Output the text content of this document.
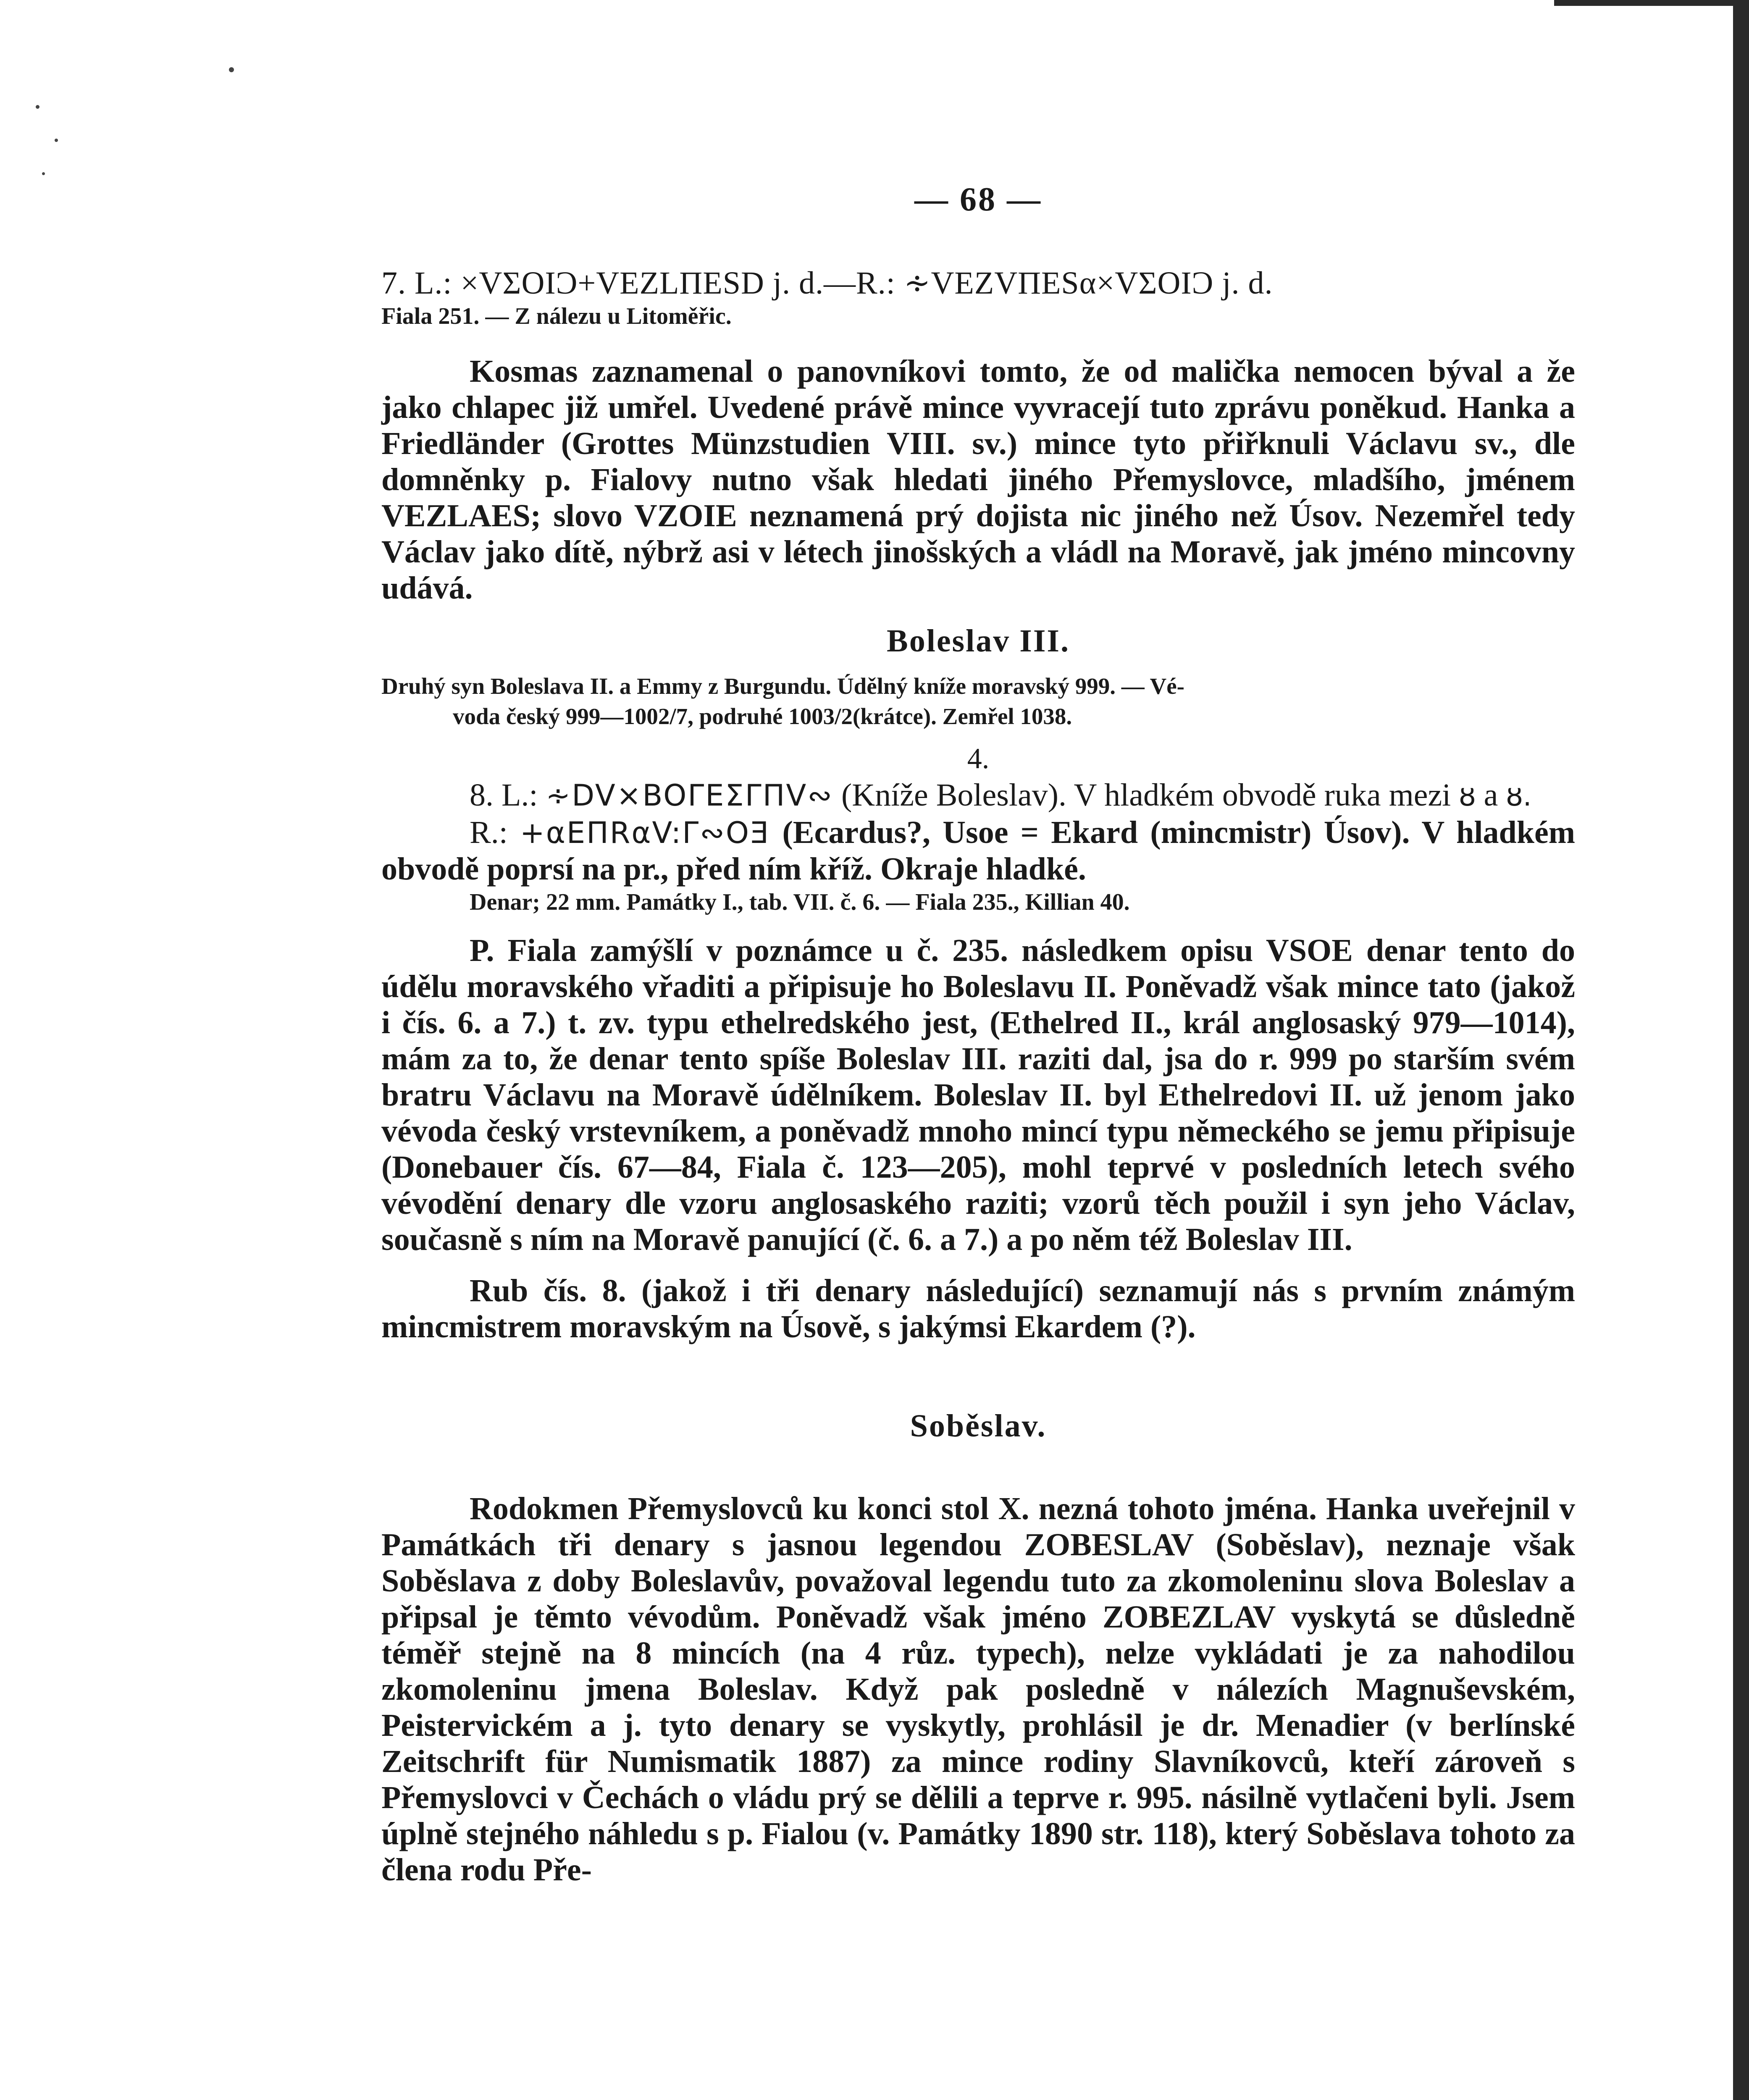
— 68 —

7. L.: ×VΣOIϽ+VEZLΠESD j. d.—R.: ∻VEZVΠESα×VΣOIϽ j. d.

Fiala 251. — Z nálezu u Litoměřic.

Kosmas zaznamenal o panovníkovi tomto, že od malička nemocen býval a že jako chlapec již umřel. Uvedené právě mince vyvracejí tuto zprávu poněkud. Hanka a Friedländer (Grottes Münzstudien VIII. sv.) mince tyto přiřknuli Václavu sv., dle domněnky p. Fialovy nutno však hledati jiného Přemyslovce, mladšího, jménem VEZLAES; slovo VZOIE neznamená prý dojista nic jiného než Úsov. Nezemřel tedy Václav jako dítě, nýbrž asi v létech jinošských a vládl na Moravě, jak jméno mincovny udává.

Boleslav III.

Druhý syn Boleslava II. a Emmy z Burgundu. Údělný kníže moravský 999. — Vé-

voda český 999—1002/7, podruhé 1003/2(krátce). Zemřel 1038.

4.

8. L.: ∻DV×BOΓEΣΓΠV∾ (Kníže Boleslav). V hladkém obvodě ruka mezi ȣ a ȣ.

R.: +αEΠRαV:Γ∾OƎ (Ecardus?, Usoe = Ekard (mincmistr) Úsov). V hladkém obvodě poprsí na pr., před ním kříž. Okraje hladké.

Denar; 22 mm. Památky I., tab. VII. č. 6. — Fiala 235., Killian 40.

P. Fiala zamýšlí v poznámce u č. 235. následkem opisu VSOE denar tento do údělu moravského vřaditi a připisuje ho Boleslavu II. Poněvadž však mince tato (jakož i čís. 6. a 7.) t. zv. typu ethelredského jest, (Ethelred II., král anglosaský 979—1014), mám za to, že denar tento spíše Boleslav III. raziti dal, jsa do r. 999 po starším svém bratru Václavu na Moravě údělníkem. Boleslav II. byl Ethelredovi II. už jenom jako vévoda český vrstevníkem, a poněvadž mnoho mincí typu německého se jemu připisuje (Donebauer čís. 67—84, Fiala č. 123—205), mohl teprvé v posledních letech svého vévodění denary dle vzoru anglosaského raziti; vzorů těch použil i syn jeho Václav, současně s ním na Moravě panující (č. 6. a 7.) a po něm též Boleslav III.

Rub čís. 8. (jakož i tři denary následující) seznamují nás s prvním známým mincmistrem moravským na Úsově, s jakýmsi Ekardem (?).

Soběslav.

Rodokmen Přemyslovců ku konci stol X. nezná tohoto jména. Hanka uveřejnil v Památkách tři denary s jasnou legendou ZOBESLAV (Soběslav), neznaje však Soběslava z doby Boleslavův, považoval legendu tuto za zkomoleninu slova Boleslav a připsal je těmto vévodům. Poněvadž však jméno ZOBEZLAV vyskytá se důsledně téměř stejně na 8 mincích (na 4 růz. typech), nelze vykládati je za nahodilou zkomoleninu jmena Boleslav. Když pak posledně v nálezích Magnuševském, Peistervickém a j. tyto denary se vyskytly, prohlásil je dr. Menadier (v berlínské Zeitschrift für Numismatik 1887) za mince rodiny Slavníkovců, kteří zároveň s Přemyslovci v Čechách o vládu prý se dělili a teprve r. 995. násilně vytlačeni byli. Jsem úplně stejného náhledu s p. Fialou (v. Památky 1890 str. 118), který Soběslava tohoto za člena rodu Pře-
